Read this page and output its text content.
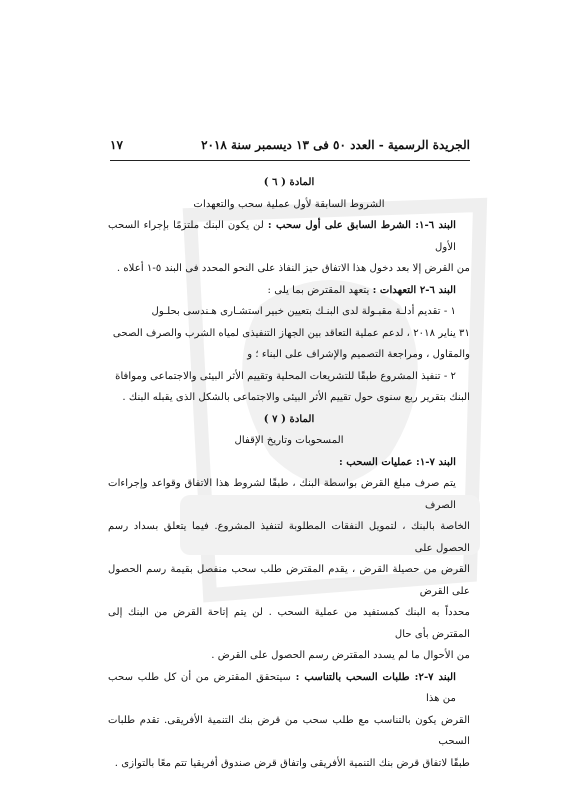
الجريدة الرسمية - العدد ٥٠ فى ١٣ ديسمبر سنة ٢٠١٨
١٧

المادة ( ٦ )

الشروط السابقة لأول عملية سحب والتعهدات

البند ٦-١: الشرط السابق على أول سحب : لن يكون البنك ملتزمًا بإجراء السحب الأول

من القرض إلا بعد دخول هذا الاتفاق حيز النفاذ على النحو المحدد فى البند ٥-١ أعلاه .

البند ٦-٢ التعهدات : يتعهد المقترض بما يلى :

١ - تقديم أدلـة مقبـولة لدى البنـك بتعيين خبير استشـارى هـندسى بحلـول

٣١ يناير ٢٠١٨ ، لدعم عملية التعاقد بين الجهاز التنفيذى لمياه الشرب والصرف الصحى

والمقاول ، ومراجعة التصميم والإشراف على البناء ؛ و

٢ - تنفيذ المشروع طبقًا للتشريعات المحلية وتقييم الأثر البيئى والاجتماعى وموافاة

البنك بتقرير ربع سنوى حول تقييم الأثر البيئى والاجتماعى بالشكل الذى يقبله البنك .

المادة ( ٧ )

المسحوبات وتاريخ الإقفال

البند ٧-١: عمليات السحب :

يتم صرف مبلغ القرض بواسطة البنك ، طبقًا لشروط هذا الاتفاق وقواعد وإجراءات الصرف

الخاصة بالبنك ، لتمويل النفقات المطلوبة لتنفيذ المشروع. فيما يتعلق بسداد رسم الحصول على

القرض من حصيلة القرض ، يقدم المقترض طلب سحب منفصل بقيمة رسم الحصول على القرض

محدداً به البنك كمستفيد من عملية السحب . لن يتم إتاحة القرض من البنك إلى المقترض بأى حال

من الأحوال ما لم يسدد المقترض رسم الحصول على القرض .

البند ٧-٢: طلبات السحب بالتناسب : سيتحقق المقترض من أن كل طلب سحب من هذا

القرض يكون بالتناسب مع طلب سحب من قرض بنك التنمية الأفريقى. تقدم طلبات السحب

طبقًا لاتفاق قرض بنك التنمية الأفريقى واتفاق قرض صندوق أفريقيا تتم معًا بالتوازى .
